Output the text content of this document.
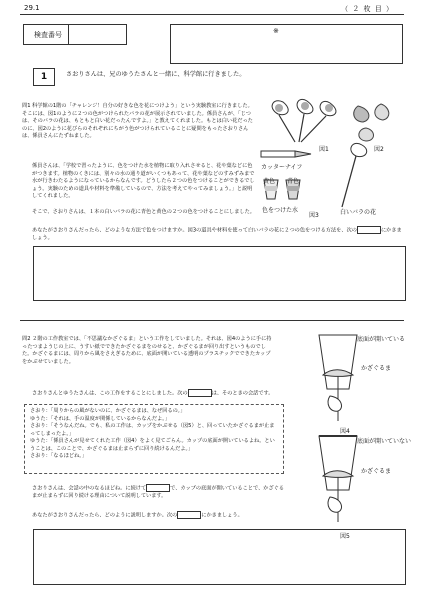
29.1	（ ２ 枚 目 ）
検査番号	※
1	さおりさんは、兄のゆうたさんと一緒に、科学館に行きました。
問1 科学館の1階の「チャレンジ！自分の好きな色を花につけよう」という実験教室に行きました。そこには、図1のように２つの色がつけられたバラの花が展示されていました。係員さんが、「じつは、そのバラの花は、もともと白い花だったんですよ。」と教えてくれました。もとは白い花だったのに、図2のように花びらのそれぞれにちがう色がつけられていることに疑問をもったさおりさんは、係員さんにたずねました。
係員さんは、「学校で習ったように、色をつけた水を植物に取り入れさせると、花や葉などに色がつきます。植物のくきには、別々の水の通り道がいくつもあって、花や葉などのすみずみまで水が行きわたるようになっているからなんです。どうしたら２つの色をつけることができるでしょう。実験のための道具や材料を準備しているので、方法を考えてやってみましょう。」と説明してくれました。
そこで、さおりさんは、１本の白いバラの花に青色と黄色の２つの色をつけることにしました。
あなたがさおりさんだったら、どのような方法で色をつけますか。図3の道具や材料を使って白いバラの花に２つの色をつける方法を、次の	にかきましょう。
図1	図2
カッターナイフ
黄色 青色
色をつけた水	白いバラの花
図3
問2 ２階の工作教室では、「不思議なかざぐるま」という工作をしていました。それは、図4のように手に持ったつまようじの上に、うすい紙でできたかざぐるまをのせると、かざぐるまが回り出すというものでした。かざぐるまには、周りから風をさえぎるために、底面が開いている透明のプラスチックでできたカップをかぶせていました。
さおりさんとゆうたさんは、この工作をすることにしました。次の	は、そのときの会話です。
さおり：「周りからの風がないのに、かざぐるまは、なぜ回るの。」
ゆうた：「それは、手の温度が関係しているからなんだよ。」
さおり：「そうなんだね。でも、私の工作は、カップをかぶせる（図5）と、回っていたかざぐるまが止まってしまったよ。」
ゆうた：「係員さんが見せてくれた工作（図4）をよく見てごらん。カップの底面が開いているよね。ということは、このことで、かざぐるまは止まらずに回り続けるんだよ。」
さおり：「なるほどね。」
さおりさんは、会話の中のなるほどね。に続けて	で、カップの底面が開いていることで、かざぐるまが止まらずに回り続ける理由について説明しています。
あなたがさおりさんだったら、どのように説明しますか。次の	にかきましょう。
底面が開いている
かざぐるま
図4
底面が開いていない
かざぐるま
図5
